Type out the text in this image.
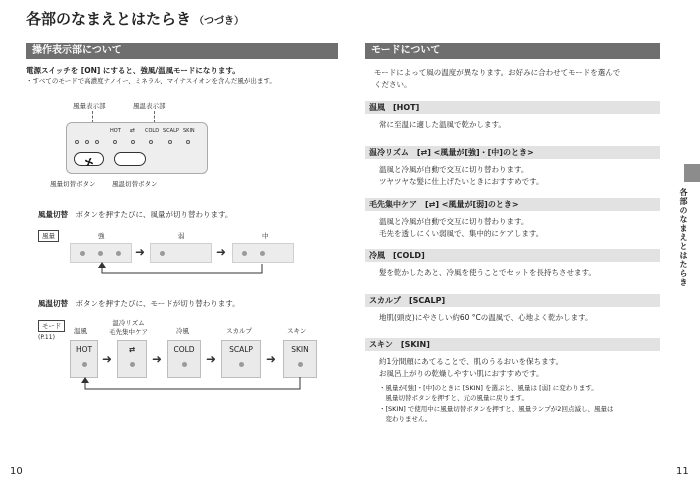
各部のなまえとはたらき （つづき）
操作表示部について
電源スイッチを [ON] にすると、強風/温風モードになります。
・すべてのモードで高濃度ナノイー、ミネラル、マイナスイオンを含んだ風が出ます。
風量表示部	風温表示部
HOT ⇄ COLD SCALP SKIN
風量切替ボタン	風温切替ボタン
風量切替　 ボタンを押すたびに、風量が切り替わります。
風量	強	弱	中
➜	➜
風温切替　 ボタンを押すたびに、モードが切り替わります。
モード
(P.11)
温風
温冷リズム
毛先集中ケア	冷風	スカルプ	スキン
HOT
➜
⇄
➜
COLD
➜
SCALP
➜
SKIN
10
モードについて
モードによって風の温度が異なります。お好みに合わせてモードを選んで
ください。
温風　[HOT]
常に至温に適した温風で乾かします。
温冷リズム　[⇄] <風量が[強]・[中]のとき>
温風と冷風が自動で交互に切り替わります。
ツヤツヤな髪に仕上げたいときにおすすめです。
毛先集中ケア　[⇄] <風量が[弱]のとき>
温風と冷風が自動で交互に切り替わります。
毛先を透しにくい弱風で、集中的にケアします。
冷風　[COLD]
髪を乾かしたあと、冷風を使うことでセットを長持ちさせます。
スカルプ　[SCALP]
地肌(頭皮)にやさしい約60 °Cの温風で、心地よく乾かします。
スキン　[SKIN]
約1分間顔にあてることで、肌のうるおいを保ちます。
お風呂上がりの乾燥しやすい肌におすすめです。
・風量が[強]・[中]のときに [SKIN] を選ぶと、風量は [弱] に変わります。
　風量切替ボタンを押すと、元の風量に戻ります。
・[SKIN] で使用中に風量切替ボタンを押すと、風量ランプが2回点滅し、風量は
　変わりません。
各部のなまえとはたらき
11
